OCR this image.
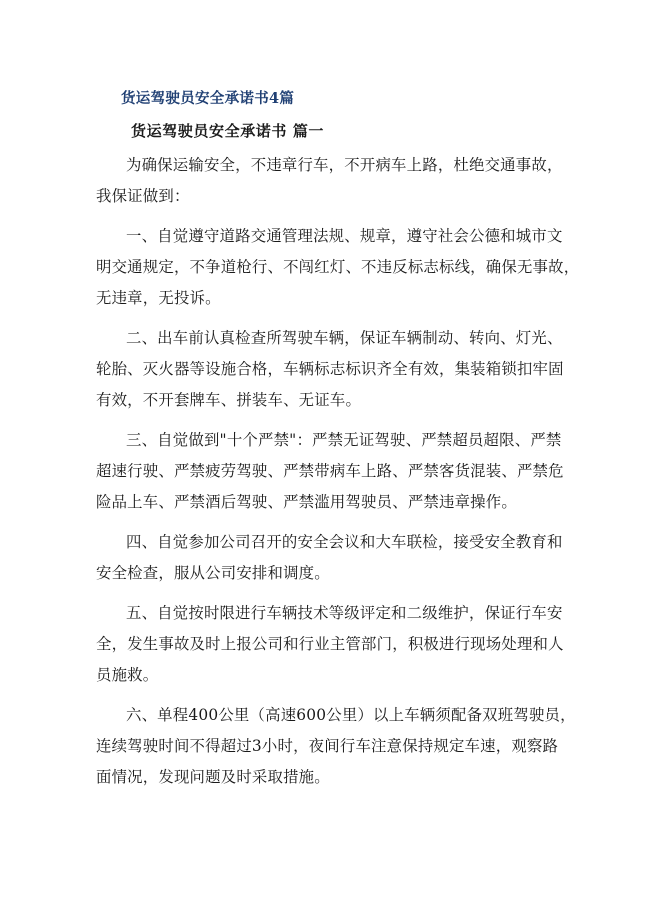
货运驾驶员安全承诺书4篇
货运驾驶员安全承诺书 篇一

为确保运输安全，不违章行车，不开病车上路，杜绝交通事故，
我保证做到：

一、自觉遵守道路交通管理法规、规章，遵守社会公德和城市文
明交通规定，不争道枪行、不闯红灯、不违反标志标线，确保无事故，
无违章，无投诉。

二、出车前认真检查所驾驶车辆，保证车辆制动、转向、灯光、
轮胎、灭火器等设施合格，车辆标志标识齐全有效，集装箱锁扣牢固
有效，不开套牌车、拼装车、无证车。

三、自觉做到"十个严禁"：严禁无证驾驶、严禁超员超限、严禁
超速行驶、严禁疲劳驾驶、严禁带病车上路、严禁客货混装、严禁危
险品上车、严禁酒后驾驶、严禁滥用驾驶员、严禁违章操作。

四、自觉参加公司召开的安全会议和大车联检，接受安全教育和
安全检查，服从公司安排和调度。

五、自觉按时限进行车辆技术等级评定和二级维护，保证行车安
全，发生事故及时上报公司和行业主管部门，积极进行现场处理和人
员施救。

六、单程400公里（高速600公里）以上车辆须配备双班驾驶员，
连续驾驶时间不得超过3小时，夜间行车注意保持规定车速，观察路
面情况，发现问题及时采取措施。
